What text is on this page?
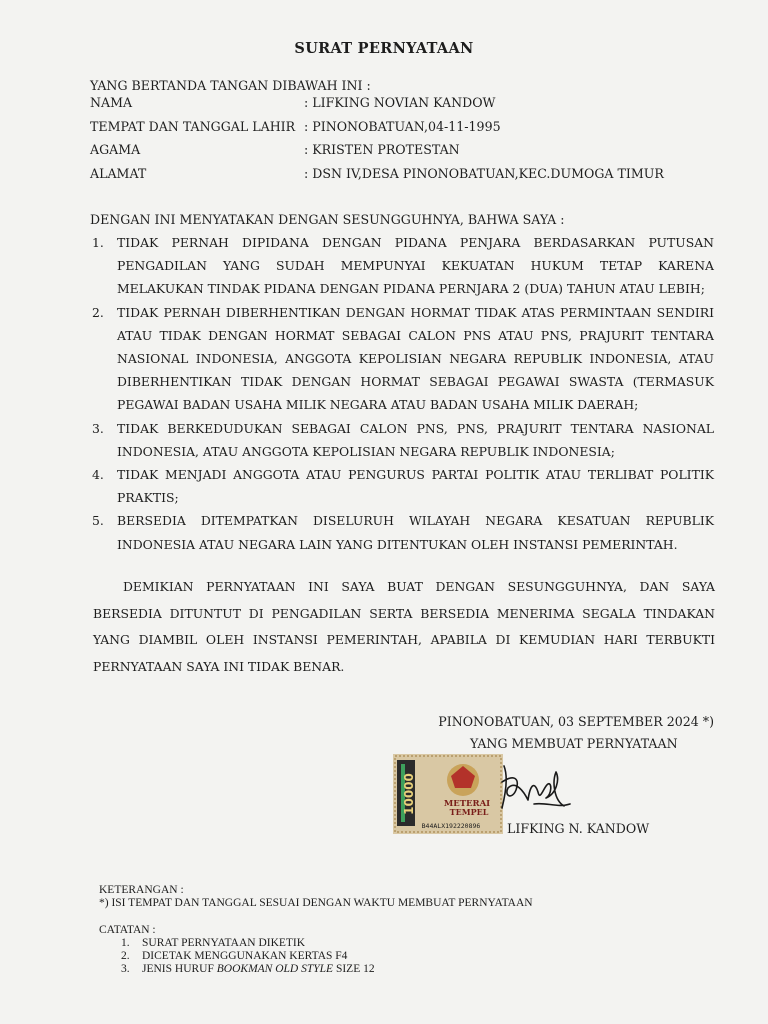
SURAT PERNYATAAN
YANG BERTANDA TANGAN DIBAWAH INI :
NAMA	: LIFKING NOVIAN KANDOW
TEMPAT DAN TANGGAL LAHIR	: PINONOBATUAN,04-11-1995
AGAMA	: KRISTEN PROTESTAN
ALAMAT	: DSN IV,DESA PINONOBATUAN,KEC.DUMOGA TIMUR
DENGAN INI MENYATAKAN DENGAN SESUNGGUHNYA, BAHWA SAYA :
1. TIDAK PERNAH DIPIDANA DENGAN PIDANA PENJARA BERDASARKAN PUTUSAN PENGADILAN YANG SUDAH MEMPUNYAI KEKUATAN HUKUM TETAP KARENA MELAKUKAN TINDAK PIDANA DENGAN PIDANA PERNJARA 2 (DUA) TAHUN ATAU LEBIH;
2. TIDAK PERNAH DIBERHENTIKAN DENGAN HORMAT TIDAK ATAS PERMINTAAN SENDIRI ATAU TIDAK DENGAN HORMAT SEBAGAI CALON PNS ATAU PNS, PRAJURIT TENTARA NASIONAL INDONESIA, ANGGOTA KEPOLISIAN NEGARA REPUBLIK INDONESIA, ATAU DIBERHENTIKAN TIDAK DENGAN HORMAT SEBAGAI PEGAWAI SWASTA (TERMASUK PEGAWAI BADAN USAHA MILIK NEGARA ATAU BADAN USAHA MILIK DAERAH;
3. TIDAK BERKEDUDUKAN SEBAGAI CALON PNS, PNS, PRAJURIT TENTARA NASIONAL INDONESIA, ATAU ANGGOTA KEPOLISIAN NEGARA REPUBLIK INDONESIA;
4. TIDAK MENJADI ANGGOTA ATAU PENGURUS PARTAI POLITIK ATAU TERLIBAT POLITIK PRAKTIS;
5. BERSEDIA DITEMPATKAN DISELURUH WILAYAH NEGARA KESATUAN REPUBLIK INDONESIA ATAU NEGARA LAIN YANG DITENTUKAN OLEH INSTANSI PEMERINTAH.
DEMIKIAN PERNYATAAN INI SAYA BUAT DENGAN SESUNGGUHNYA, DAN SAYA BERSEDIA DITUNTUT DI PENGADILAN SERTA BERSEDIA MENERIMA SEGALA TINDAKAN YANG DIAMBIL OLEH INSTANSI PEMERINTAH, APABILA DI KEMUDIAN HARI TERBUKTI PERNYATAAN SAYA INI TIDAK BENAR.
PINONOBATUAN, 03 SEPTEMBER 2024 *)
YANG MEMBUAT PERNYATAAN
10000	METERAI
TEMPEL
B44ALX192220896 LIFKING N. KANDOW
KETERANGAN :
*) ISI TEMPAT DAN TANGGAL SESUAI DENGAN WAKTU MEMBUAT PERNYATAAN
CATATAN :
1. SURAT PERNYATAAN DIKETIK
2. DICETAK MENGGUNAKAN KERTAS F4
3. JENIS HURUF BOOKMAN OLD STYLE SIZE 12
